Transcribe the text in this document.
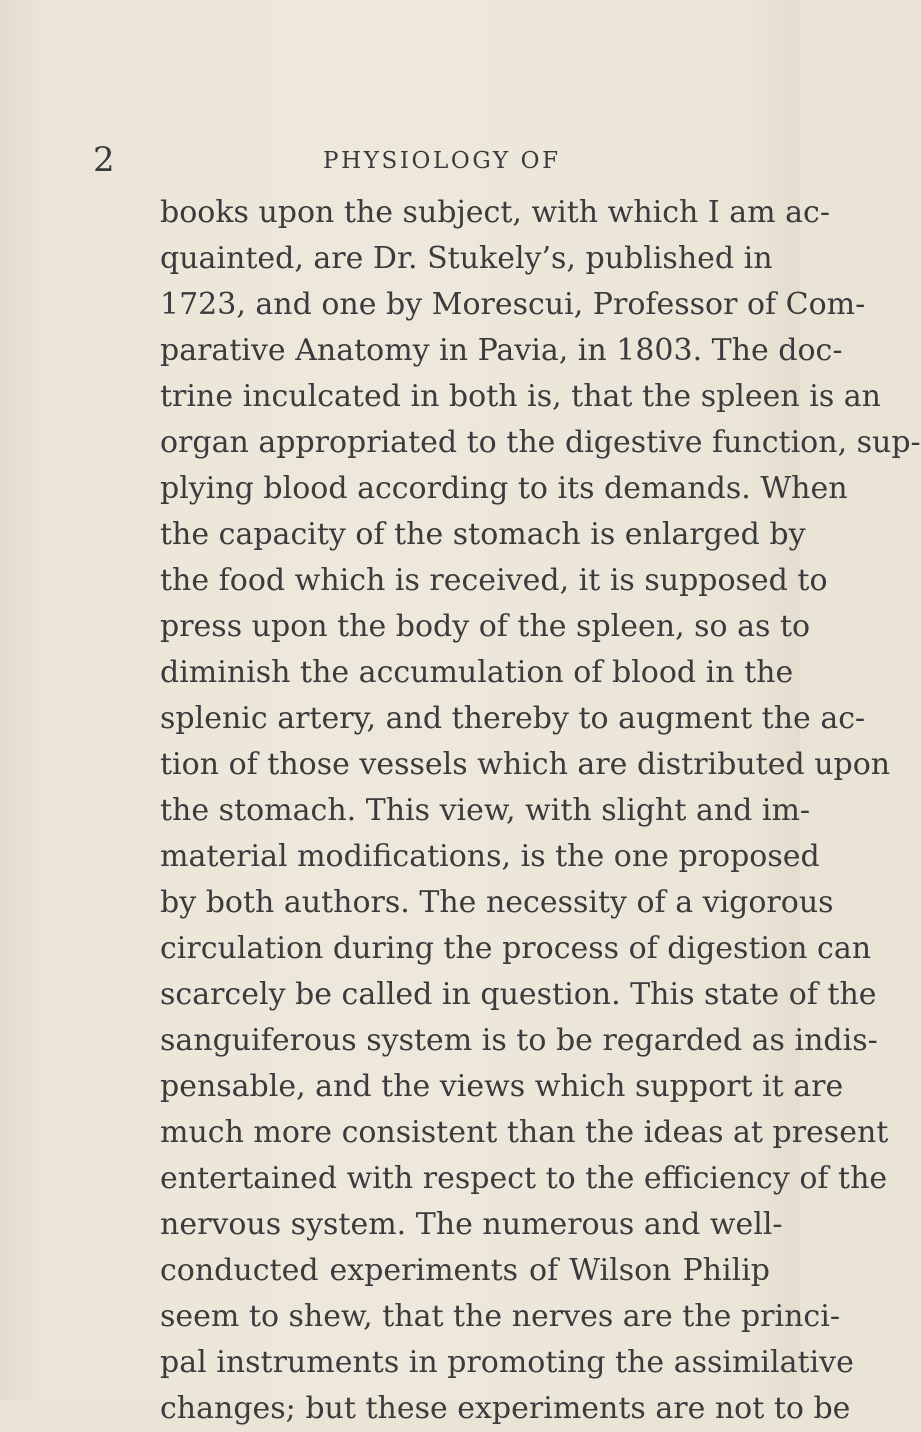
2	PHYSIOLOGY OF
books upon the subject, with which I am ac-
quainted, are Dr. Stukely’s, published in
1723, and one by Morescui, Professor of Com-
parative Anatomy in Pavia, in 1803. The doc-
trine inculcated in both is, that the spleen is an
organ appropriated to the digestive function, sup-
plying blood according to its demands. When
the capacity of the stomach is enlarged by
the food which is received, it is supposed to
press upon the body of the spleen, so as to
diminish the accumulation of blood in the
splenic artery, and thereby to augment the ac-
tion of those vessels which are distributed upon
the stomach. This view, with slight and im-
material modifications, is the one proposed
by both authors. The necessity of a vigorous
circulation during the process of digestion can
scarcely be called in question. This state of the
sanguiferous system is to be regarded as indis-
pensable, and the views which support it are
much more consistent than the ideas at present
entertained with respect to the efficiency of the
nervous system. The numerous and well-
conducted experiments of Wilson Philip
seem to shew, that the nerves are the princi-
pal instruments in promoting the assimilative
changes; but these experiments are not to be
